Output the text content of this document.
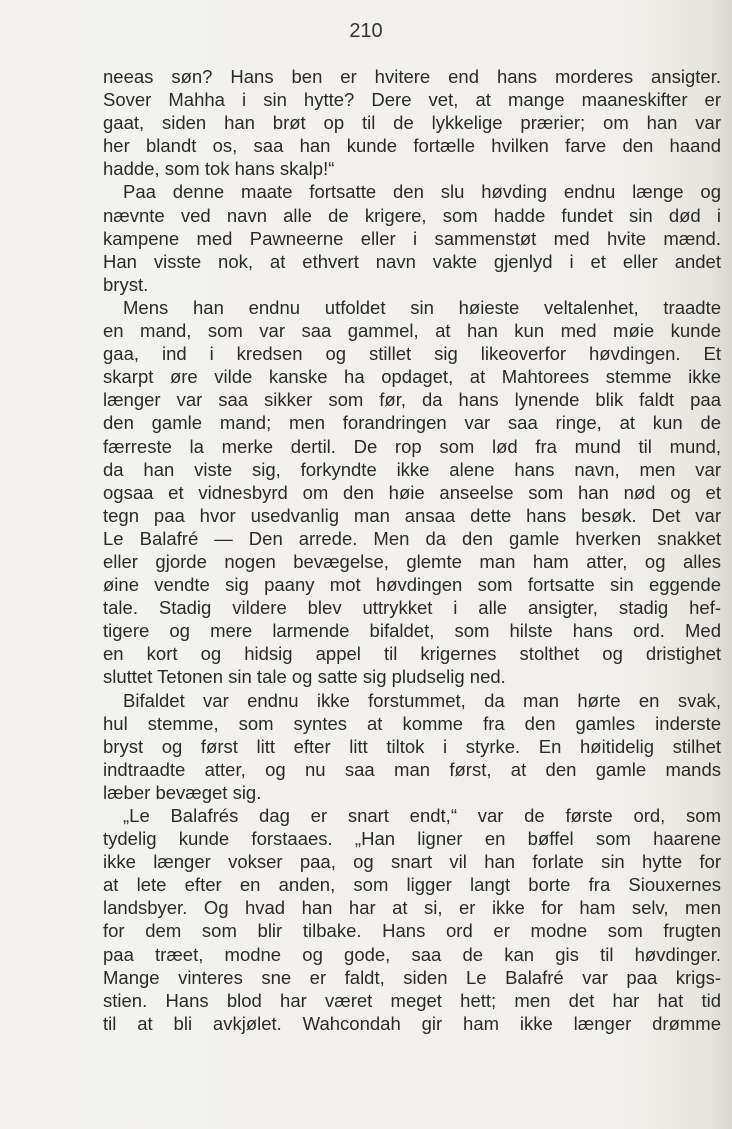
210
neeas søn? Hans ben er hvitere end hans morderes ansigter.
Sover Mahha i sin hytte? Dere vet, at mange maaneskifter er
gaat, siden han brøt op til de lykkelige prærier; om han var
her blandt os, saa han kunde fortælle hvilken farve den haand
hadde, som tok hans skalp!“
Paa denne maate fortsatte den slu høvding endnu længe og
nævnte ved navn alle de krigere, som hadde fundet sin død i
kampene med Pawneerne eller i sammenstøt med hvite mænd.
Han visste nok, at ethvert navn vakte gjenlyd i et eller andet
bryst.
Mens han endnu utfoldet sin høieste veltalenhet, traadte
en mand, som var saa gammel, at han kun med møie kunde
gaa, ind i kredsen og stillet sig likeoverfor høvdingen. Et
skarpt øre vilde kanske ha opdaget, at Mahtorees stemme ikke
længer var saa sikker som før, da hans lynende blik faldt paa
den gamle mand; men forandringen var saa ringe, at kun de
færreste la merke dertil. De rop som lød fra mund til mund,
da han viste sig, forkyndte ikke alene hans navn, men var
ogsaa et vidnesbyrd om den høie anseelse som han nød og et
tegn paa hvor usedvanlig man ansaa dette hans besøk. Det var
Le Balafré — Den arrede. Men da den gamle hverken snakket
eller gjorde nogen bevægelse, glemte man ham atter, og alles
øine vendte sig paany mot høvdingen som fortsatte sin eggende
tale. Stadig vildere blev uttrykket i alle ansigter, stadig hef-
tigere og mere larmende bifaldet, som hilste hans ord. Med
en kort og hidsig appel til krigernes stolthet og dristighet
sluttet Tetonen sin tale og satte sig pludselig ned.
Bifaldet var endnu ikke forstummet, da man hørte en svak,
hul stemme, som syntes at komme fra den gamles inderste
bryst og først litt efter litt tiltok i styrke. En høitidelig stilhet
indtraadte atter, og nu saa man først, at den gamle mands
læber bevæget sig.
„Le Balafrés dag er snart endt,“ var de første ord, som
tydelig kunde forstaaes. „Han ligner en bøffel som haarene
ikke længer vokser paa, og snart vil han forlate sin hytte for
at lete efter en anden, som ligger langt borte fra Siouxernes
landsbyer. Og hvad han har at si, er ikke for ham selv, men
for dem som blir tilbake. Hans ord er modne som frugten
paa træet, modne og gode, saa de kan gis til høvdinger.
Mange vinteres sne er faldt, siden Le Balafré var paa krigs-
stien. Hans blod har været meget hett; men det har hat tid
til at bli avkjølet. Wahcondah gir ham ikke længer drømme
